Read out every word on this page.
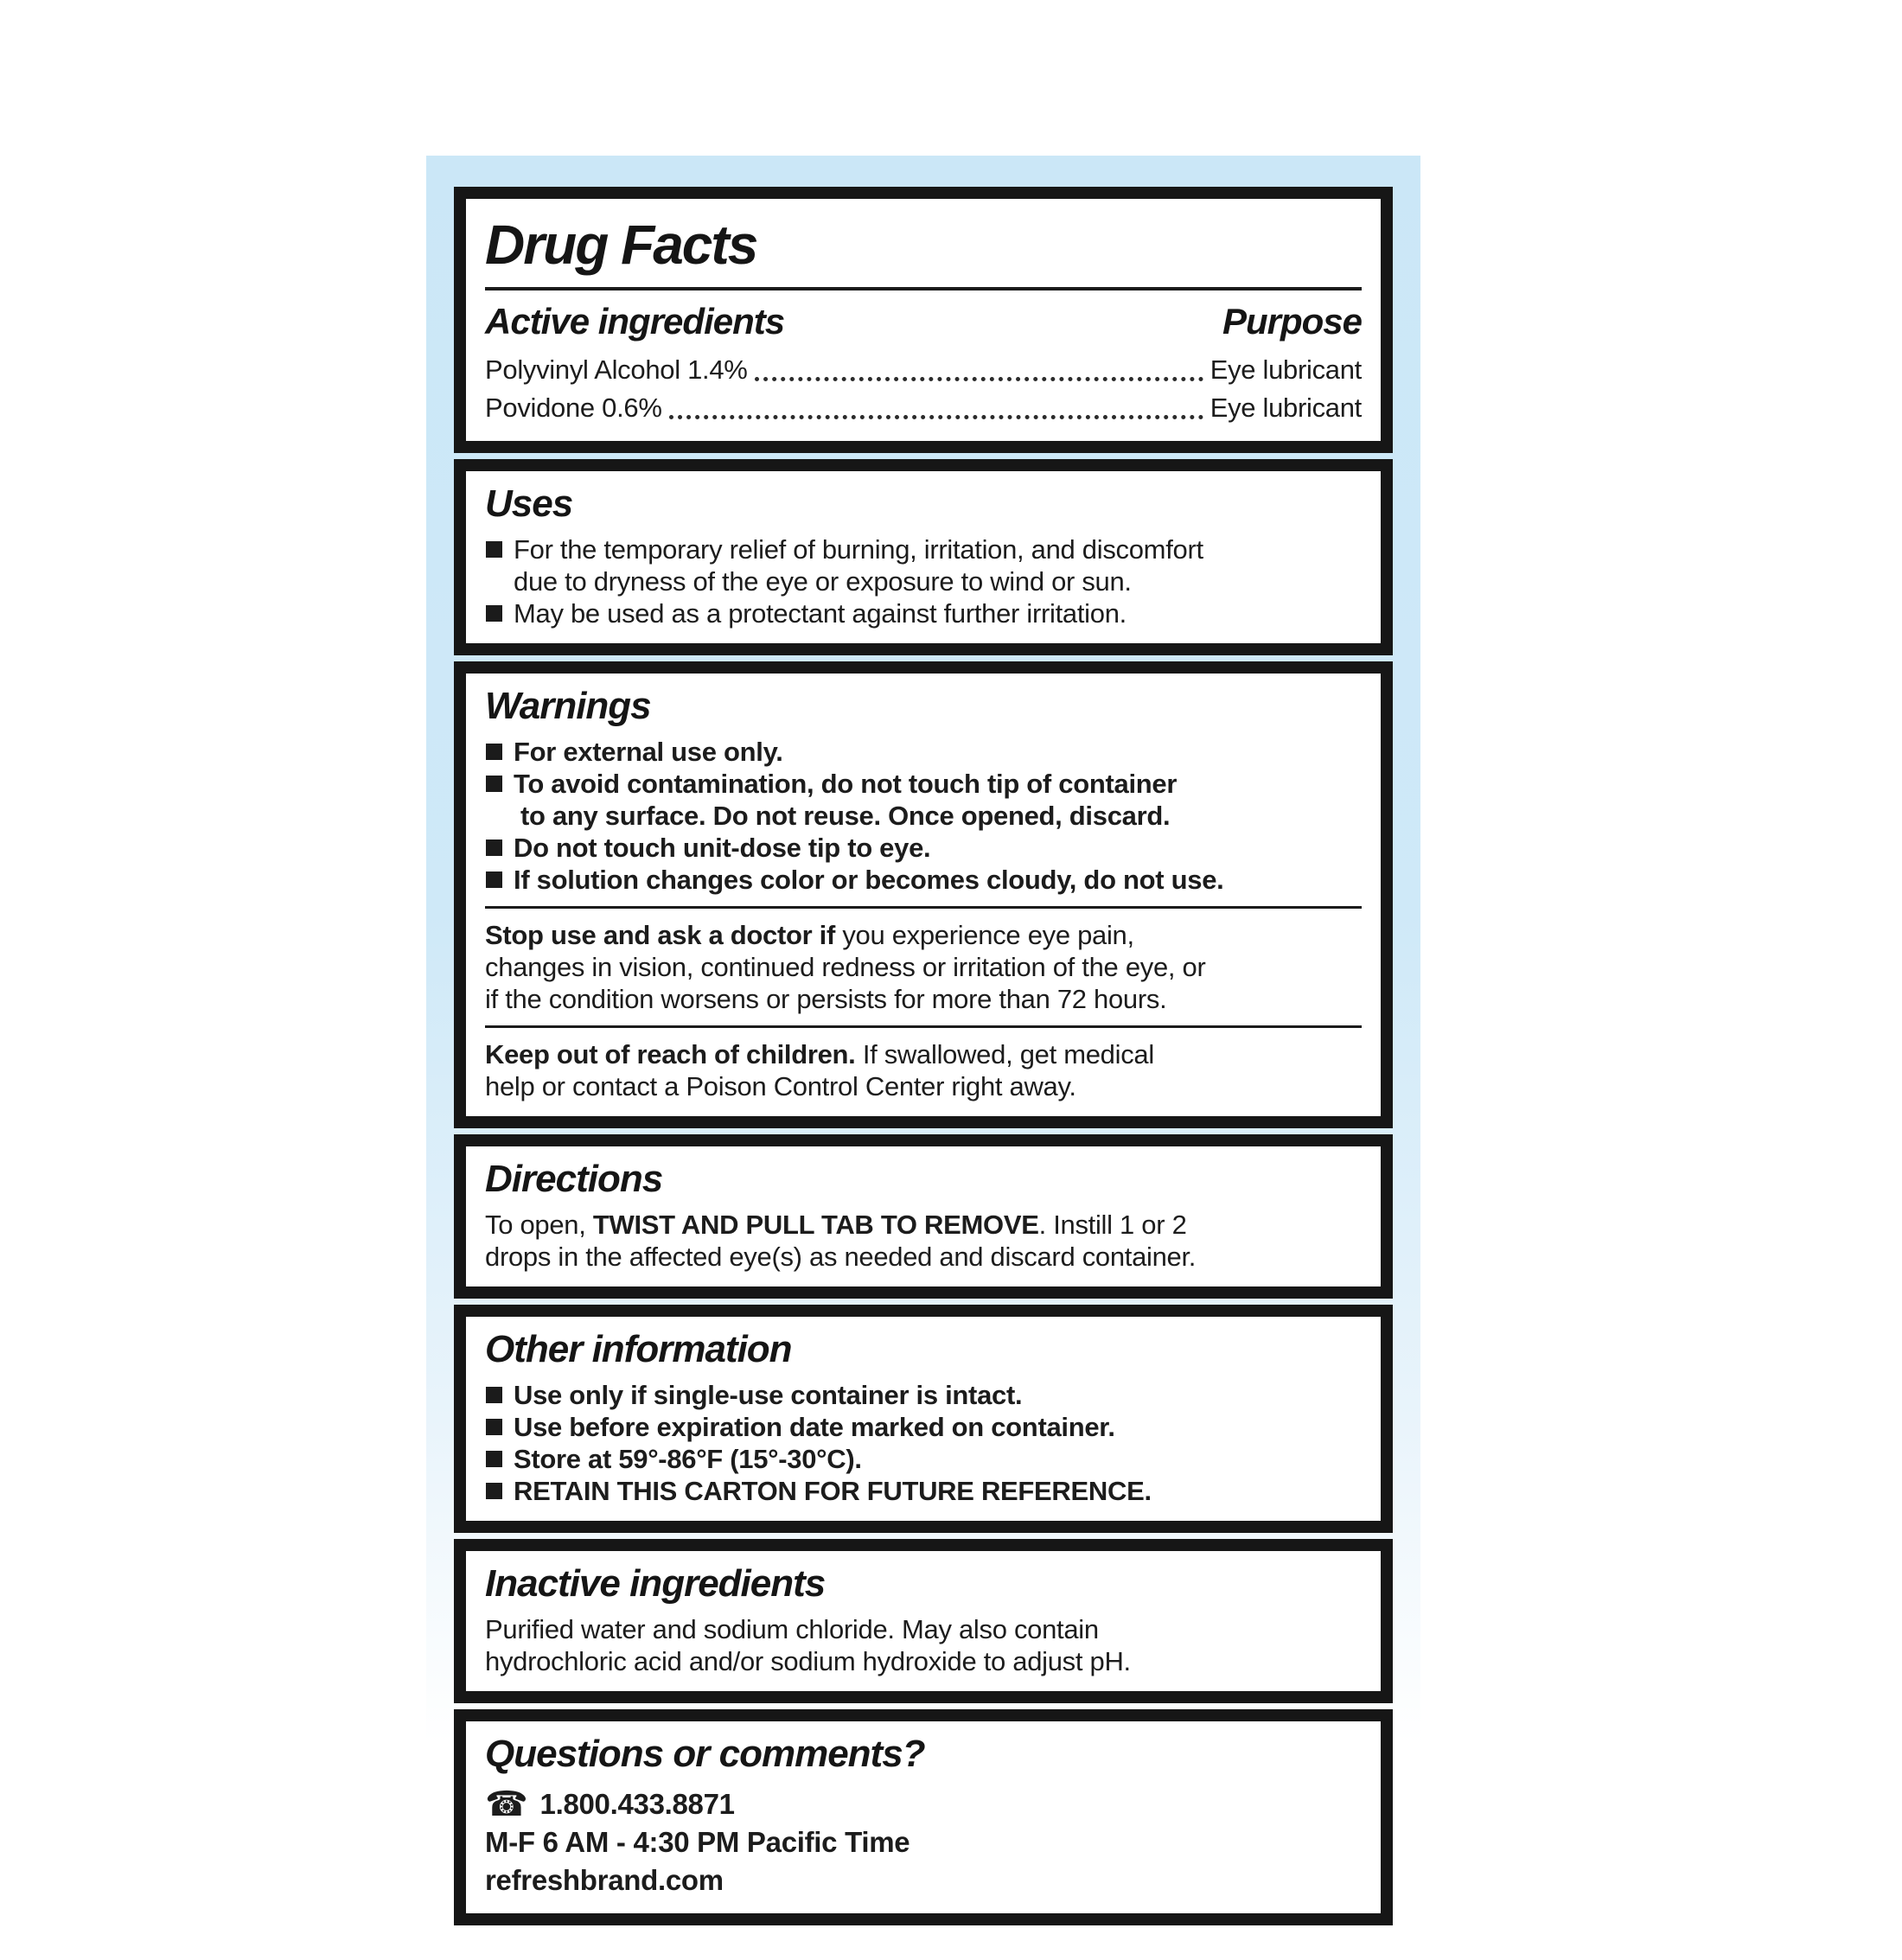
Drug Facts
Active ingredients	Purpose
Polyvinyl Alcohol 1.4%	Eye lubricant
Povidone 0.6%	Eye lubricant
Uses
For the temporary relief of burning, irritation, and discomfort
due to dryness of the eye or exposure to wind or sun.
May be used as a protectant against further irritation.
Warnings
For external use only.
To avoid contamination, do not touch tip of container
to any surface. Do not reuse. Once opened, discard.
Do not touch unit-dose tip to eye.
If solution changes color or becomes cloudy, do not use.
Stop use and ask a doctor if you experience eye pain,
changes in vision, continued redness or irritation of the eye, or
if the condition worsens or persists for more than 72 hours.
Keep out of reach of children. If swallowed, get medical
help or contact a Poison Control Center right away.
Directions
To open, TWIST AND PULL TAB TO REMOVE. Instill 1 or 2
drops in the affected eye(s) as needed and discard container.
Other information
Use only if single-use container is intact.
Use before expiration date marked on container.
Store at 59°-86°F (15°-30°C).
RETAIN THIS CARTON FOR FUTURE REFERENCE.
Inactive ingredients
Purified water and sodium chloride. May also contain
hydrochloric acid and/or sodium hydroxide to adjust pH.
Questions or comments?
☎ 1.800.433.8871
M-F 6 AM - 4:30 PM Pacific Time
refreshbrand.com
